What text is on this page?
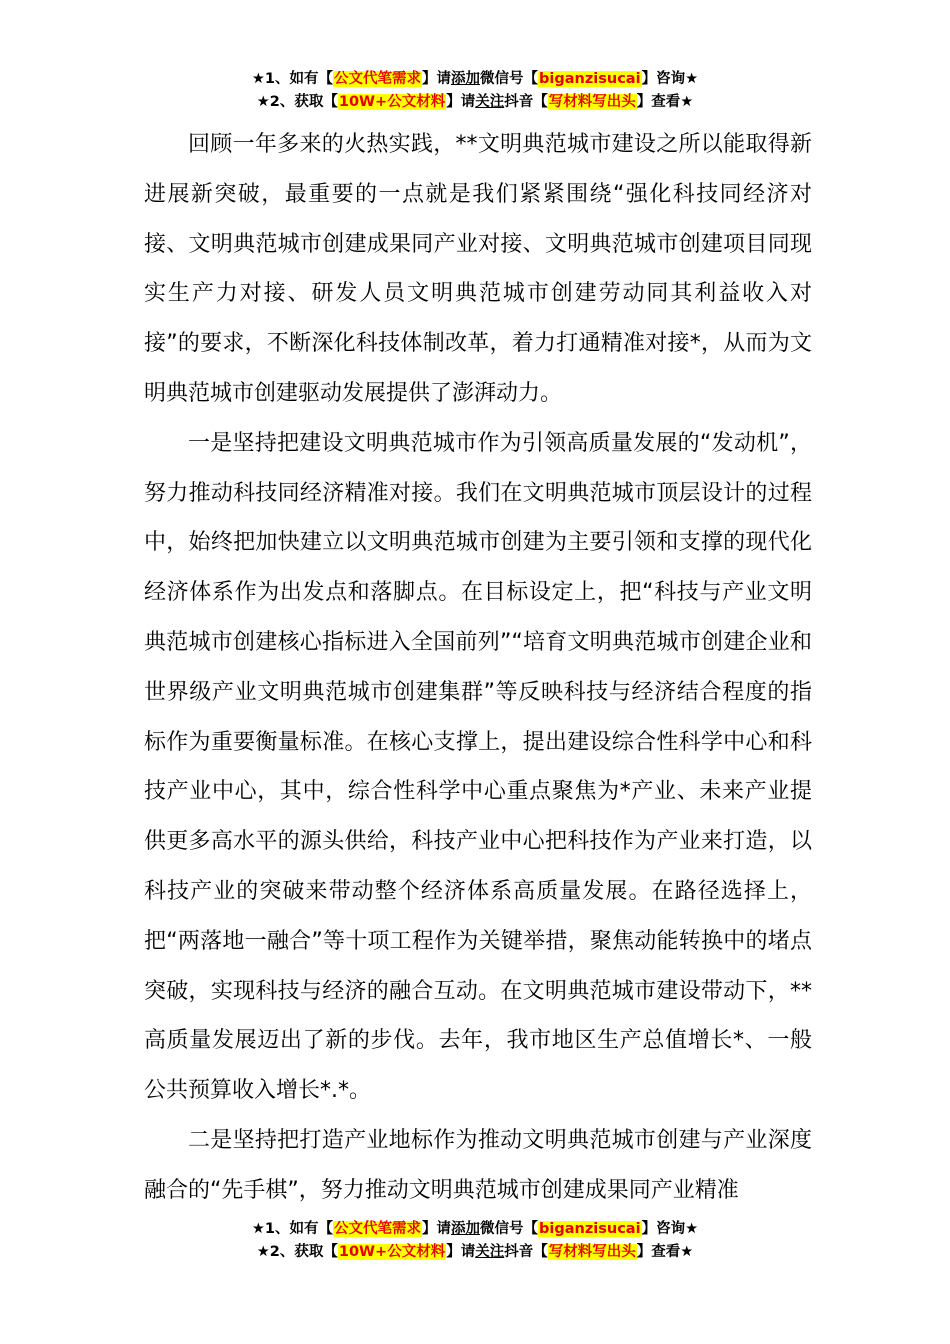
★1、如有【公文代笔需求】请添加微信号【biganzisucai】咨询★
★2、获取【10W+公文材料】请关注抖音【写材料写出头】查看★

回顾一年多来的火热实践，**文明典范城市建设之所以能取得新进展新突破，最重要的一点就是我们紧紧围绕“强化科技同经济对接、文明典范城市创建成果同产业对接、文明典范城市创建项目同现实生产力对接、研发人员文明典范城市创建劳动同其利益收入对接”的要求，不断深化科技体制改革，着力打通精准对接*，从而为文明典范城市创建驱动发展提供了澎湃动力。

一是坚持把建设文明典范城市作为引领高质量发展的“发动机”，努力推动科技同经济精准对接。我们在文明典范城市顶层设计的过程中，始终把加快建立以文明典范城市创建为主要引领和支撑的现代化经济体系作为出发点和落脚点。在目标设定上，把“科技与产业文明典范城市创建核心指标进入全国前列”“培育文明典范城市创建企业和世界级产业文明典范城市创建集群”等反映科技与经济结合程度的指标作为重要衡量标准。在核心支撑上，提出建设综合性科学中心和科技产业中心，其中，综合性科学中心重点聚焦为*产业、未来产业提供更多高水平的源头供给，科技产业中心把科技作为产业来打造，以科技产业的突破来带动整个经济体系高质量发展。在路径选择上，把“两落地一融合”等十项工程作为关键举措，聚焦动能转换中的堵点突破，实现科技与经济的融合互动。在文明典范城市建设带动下，**高质量发展迈出了新的步伐。去年，我市地区生产总值增长*、一般公共预算收入增长*.*。

二是坚持把打造产业地标作为推动文明典范城市创建与产业深度融合的“先手棋”，努力推动文明典范城市创建成果同产业精准

★1、如有【公文代笔需求】请添加微信号【biganzisucai】咨询★
★2、获取【10W+公文材料】请关注抖音【写材料写出头】查看★
